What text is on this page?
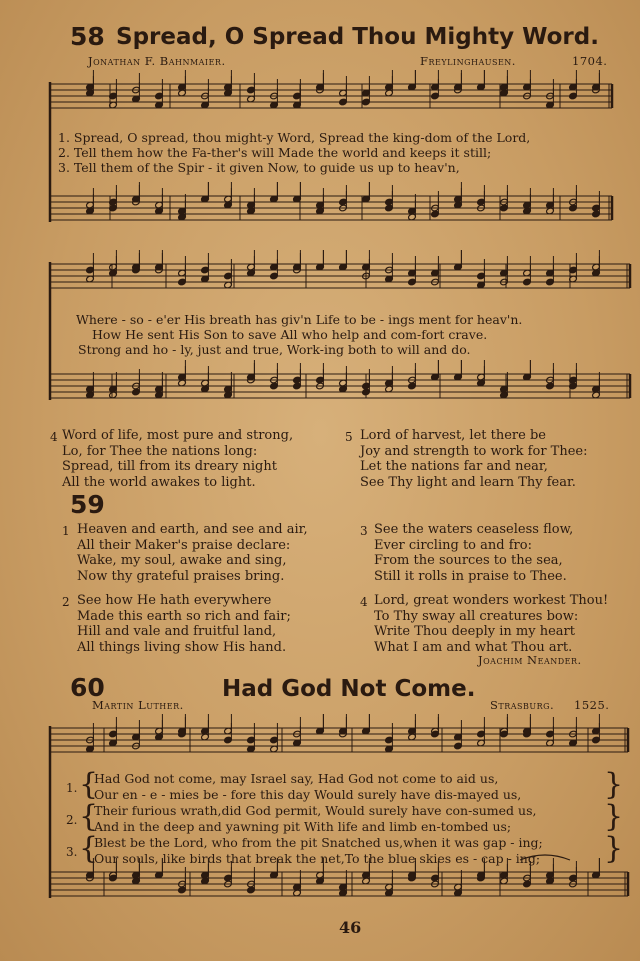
58 Spread, O Spread Thou Mighty Word.
Jonathan F. Bahnmaier.	Freylinghausen.	1704.
1. Spread, O spread, thou might-y Word, Spread the king-dom of the Lord,
2. Tell them how the Fa-ther's will Made the world and keeps it still;
3. Tell them of the Spir - it given Now, to guide us up to heav'n,
Where - so - e'er His breath has giv'n Life to be - ings ment for heav'n.
How He sent His Son to save All who help and com-fort crave.
Strong and ho - ly, just and true, Work-ing both to will and do.
4 Word of life, most pure and strong,
Lo, for Thee the nations long:
Spread, till from its dreary night
All the world awakes to light.
5 Lord of harvest, let there be
Joy and strength to work for Thee:
Let the nations far and near,
See Thy light and learn Thy fear.
59
1 Heaven and earth, and see and air,
All their Maker's praise declare:
Wake, my soul, awake and sing,
Now thy grateful praises bring.
2 See how He hath everywhere
Made this earth so rich and fair;
Hill and vale and fruitful land,
All things living show His hand.
3 See the waters ceaseless flow,
Ever circling to and fro:
From the sources to the sea,
Still it rolls in praise to Thee.
4 Lord, great wonders workest Thou!
To Thy sway all creatures bow:
Write Thou deeply in my heart
What I am and what Thou art.
Joachim Neander.
60	Had God Not Come.
Martin Luther.	Strasburg. 1525.
1.
2.
3.
{
{
{
}
}
}
Had God not come, may Israel say, Had God not come to aid us,
Our en - e - mies be - fore this day Would surely have dis-mayed us,
Their furious wrath,did God permit, Would surely have con-sumed us,
And in the deep and yawning pit With life and limb en-tombed us;
Blest be the Lord, who from the pit Snatched us,when it was gap - ing;
Our souls, like birds that break the net,To the blue skies es - cap - ing;
46
